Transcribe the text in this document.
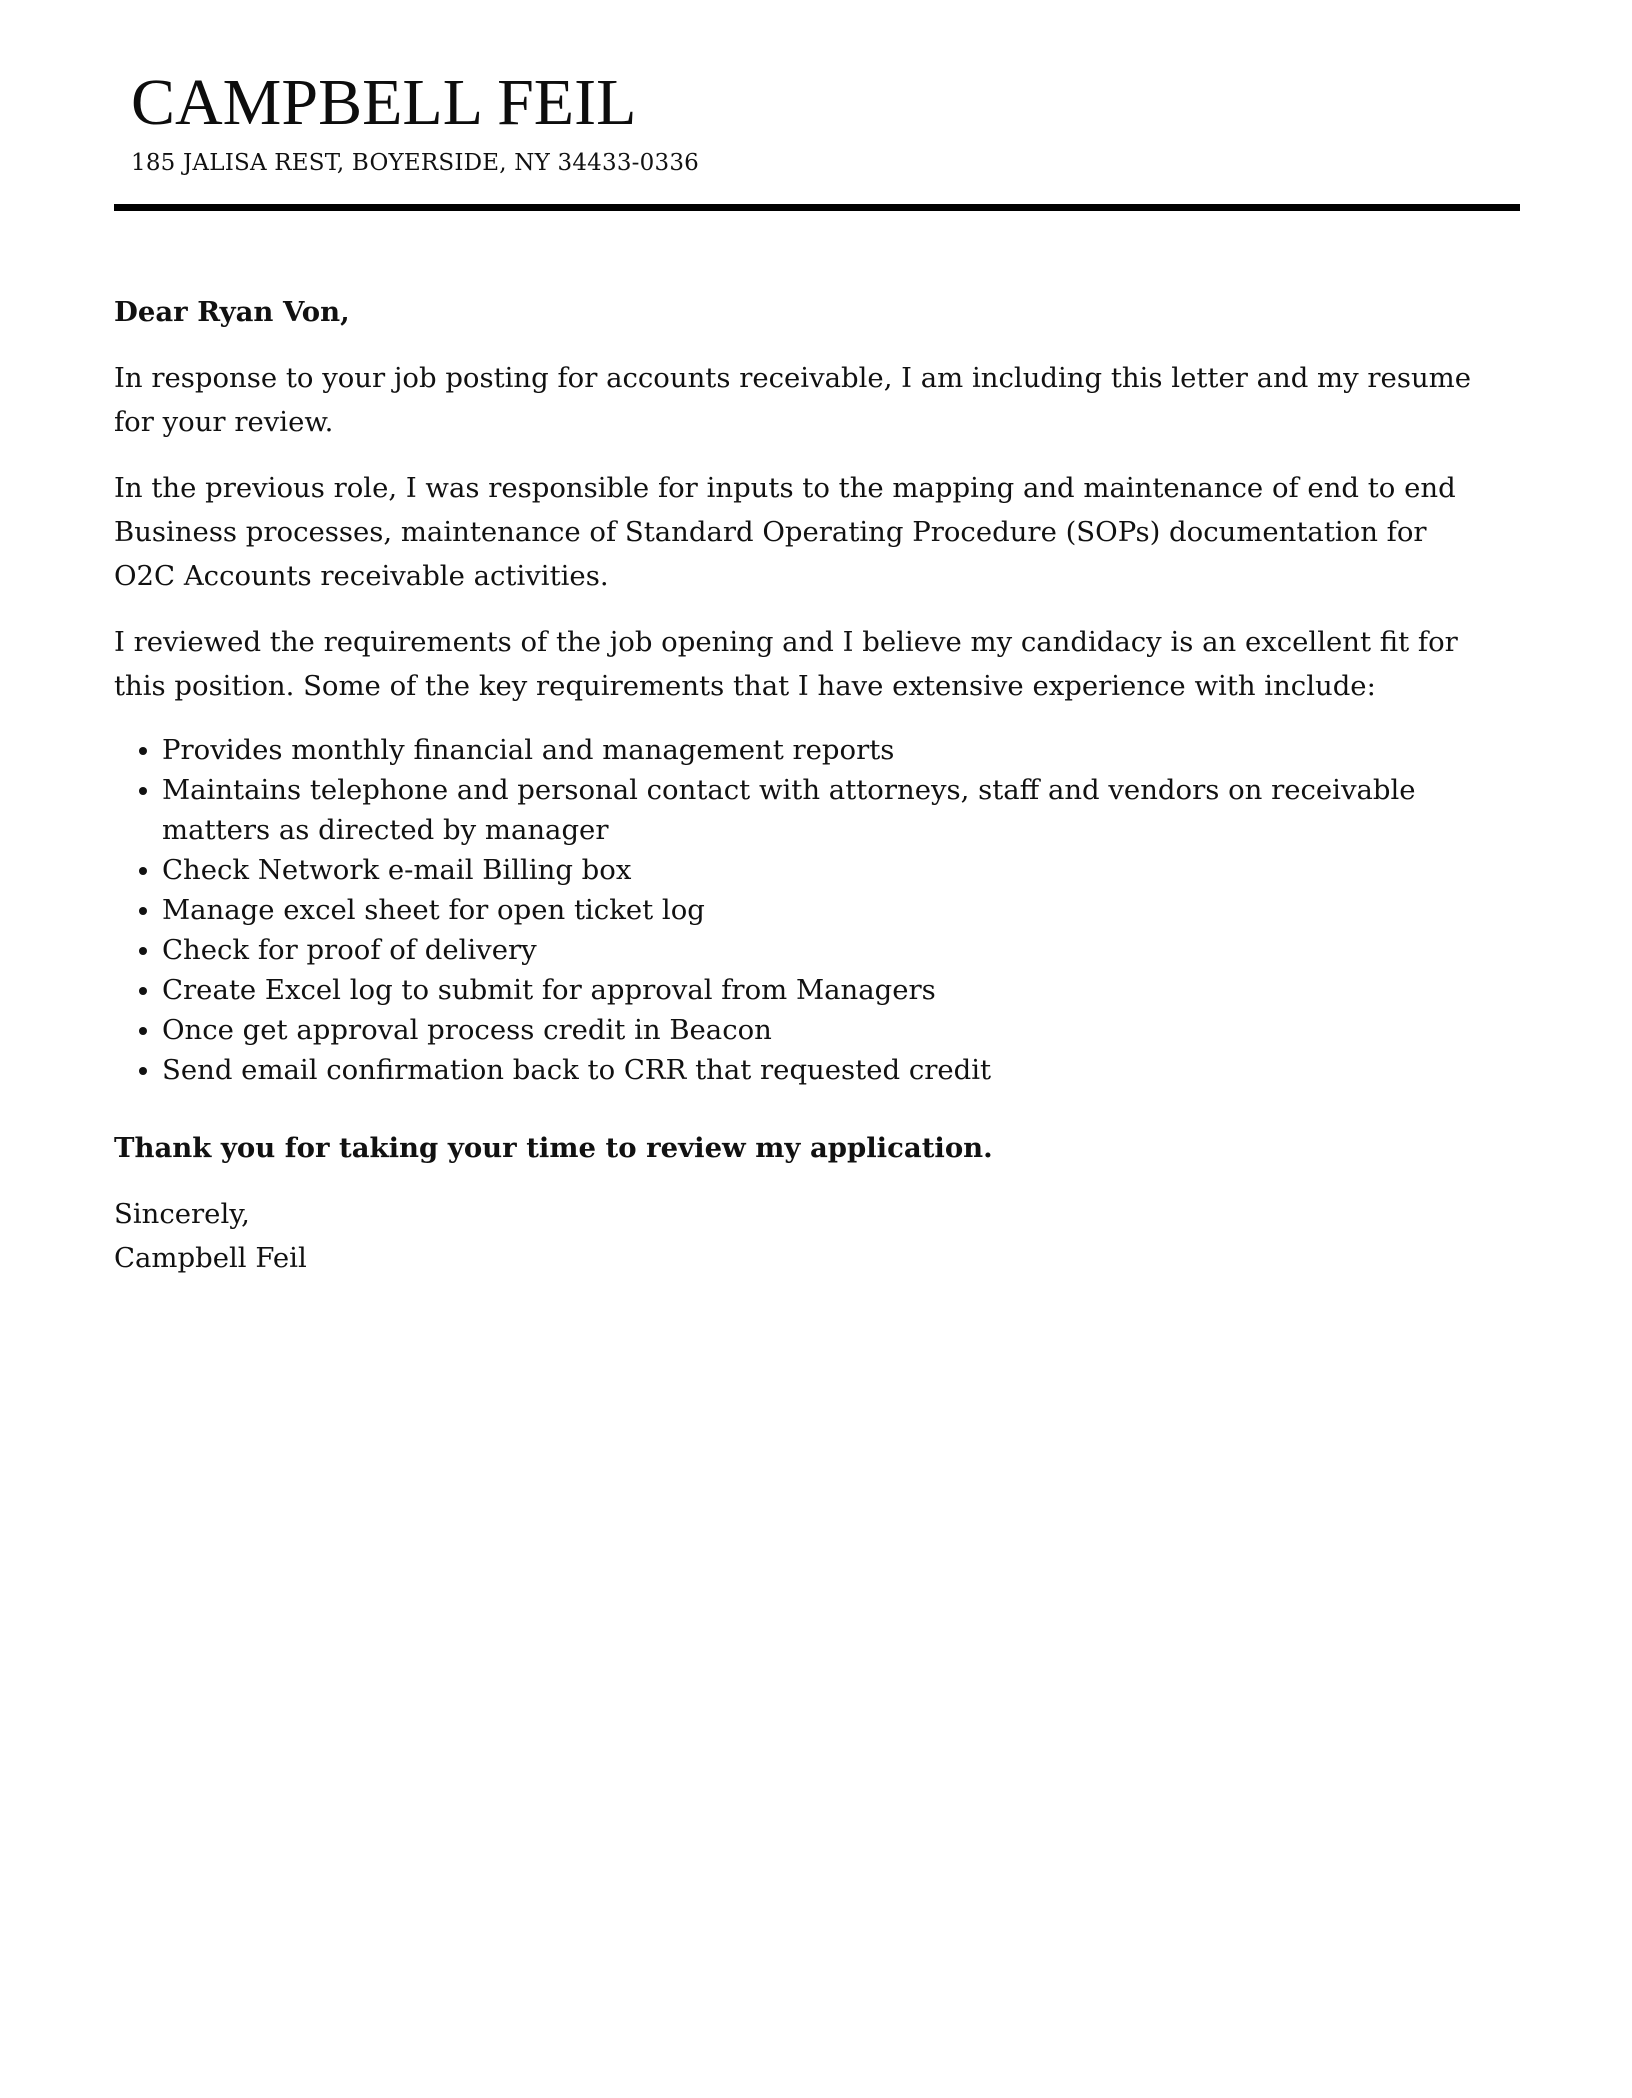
CAMPBELL FEIL
185 JALISA REST, BOYERSIDE, NY 34433-0336

Dear Ryan Von,

In response to your job posting for accounts receivable, I am including this letter and my resume for your review.

In the previous role, I was responsible for inputs to the mapping and maintenance of end to end Business processes, maintenance of Standard Operating Procedure (SOPs) documentation for O2C Accounts receivable activities.

I reviewed the requirements of the job opening and I believe my candidacy is an excellent fit for this position. Some of the key requirements that I have extensive experience with include:

• Provides monthly financial and management reports
• Maintains telephone and personal contact with attorneys, staff and vendors on receivable matters as directed by manager
• Check Network e-mail Billing box
• Manage excel sheet for open ticket log
• Check for proof of delivery
• Create Excel log to submit for approval from Managers
• Once get approval process credit in Beacon
• Send email confirmation back to CRR that requested credit

Thank you for taking your time to review my application.

Sincerely,

Campbell Feil
